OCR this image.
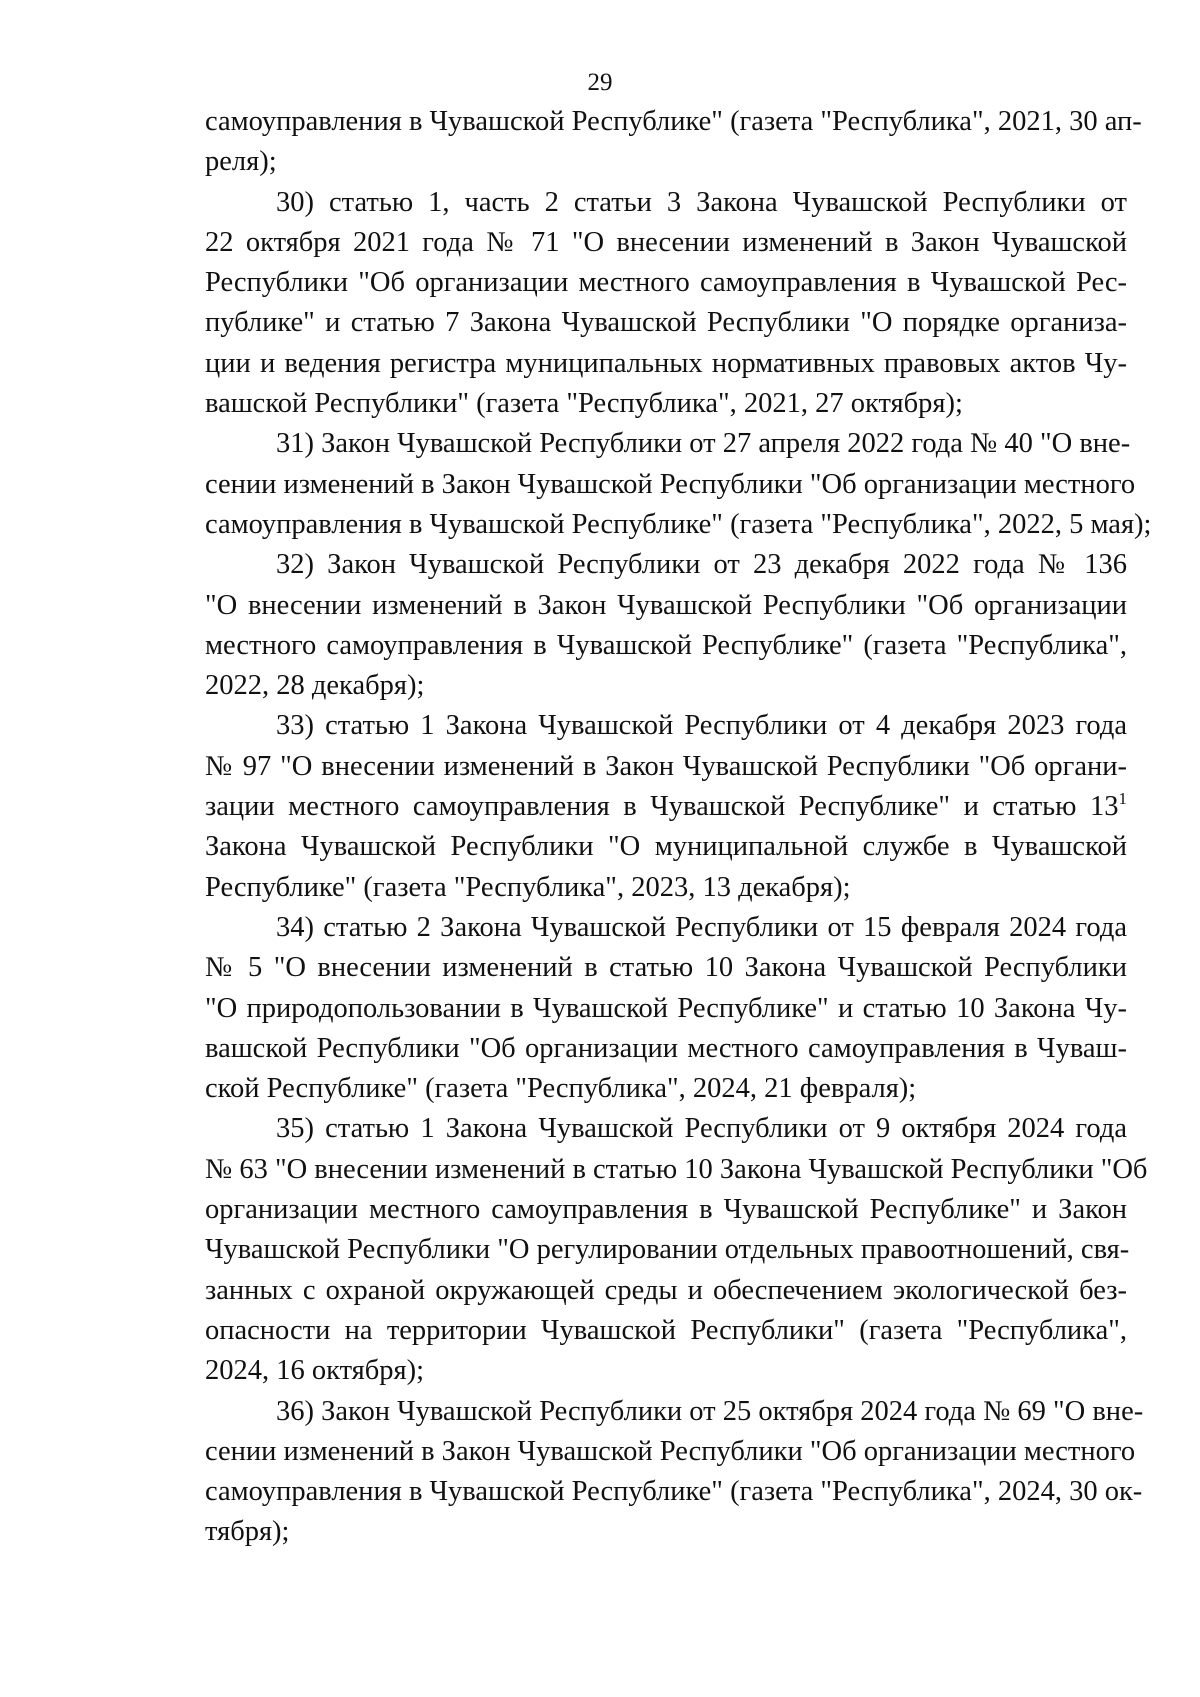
29

самоуправления в Чувашской Республике" (газета "Республика", 2021, 30 ап-
реля);

30) статью 1, часть 2 статьи 3 Закона Чувашской Республики от
22 октября 2021 года № 71 "О внесении изменений в Закон Чувашской
Республики "Об организации местного самоуправления в Чувашской Рес-
публике" и статью 7 Закона Чувашской Республики "О порядке организа-
ции и ведения регистра муниципальных нормативных правовых актов Чу-
вашской Республики" (газета "Республика", 2021, 27 октября);

31) Закон Чувашской Республики от 27 апреля 2022 года № 40 "О вне-
сении изменений в Закон Чувашской Республики "Об организации местного
самоуправления в Чувашской Республике" (газета "Республика", 2022, 5 мая);

32) Закон Чувашской Республики от 23 декабря 2022 года № 136
"О внесении изменений в Закон Чувашской Республики "Об организации
местного самоуправления в Чувашской Республике" (газета "Республика",
2022, 28 декабря);

33) статью 1 Закона Чувашской Республики от 4 декабря 2023 года
№ 97 "О внесении изменений в Закон Чувашской Республики "Об органи-
зации местного самоуправления в Чувашской Республике" и статью $13^1$
Закона Чувашской Республики "О муниципальной службе в Чувашской
Республике" (газета "Республика", 2023, 13 декабря);

34) статью 2 Закона Чувашской Республики от 15 февраля 2024 года
№ 5 "О внесении изменений в статью 10 Закона Чувашской Республики
"О природопользовании в Чувашской Республике" и статью 10 Закона Чу-
вашской Республики "Об организации местного самоуправления в Чуваш-
ской Республике" (газета "Республика", 2024, 21 февраля);

35) статью 1 Закона Чувашской Республики от 9 октября 2024 года
№ 63 "О внесении изменений в статью 10 Закона Чувашской Республики "Об
организации местного самоуправления в Чувашской Республике" и Закон
Чувашской Республики "О регулировании отдельных правоотношений, свя-
занных с охраной окружающей среды и обеспечением экологической без-
опасности на территории Чувашской Республики" (газета "Республика",
2024, 16 октября);

36) Закон Чувашской Республики от 25 октября 2024 года № 69 "О вне-
сении изменений в Закон Чувашской Республики "Об организации местного
самоуправления в Чувашской Республике" (газета "Республика", 2024, 30 ок-
тября);
